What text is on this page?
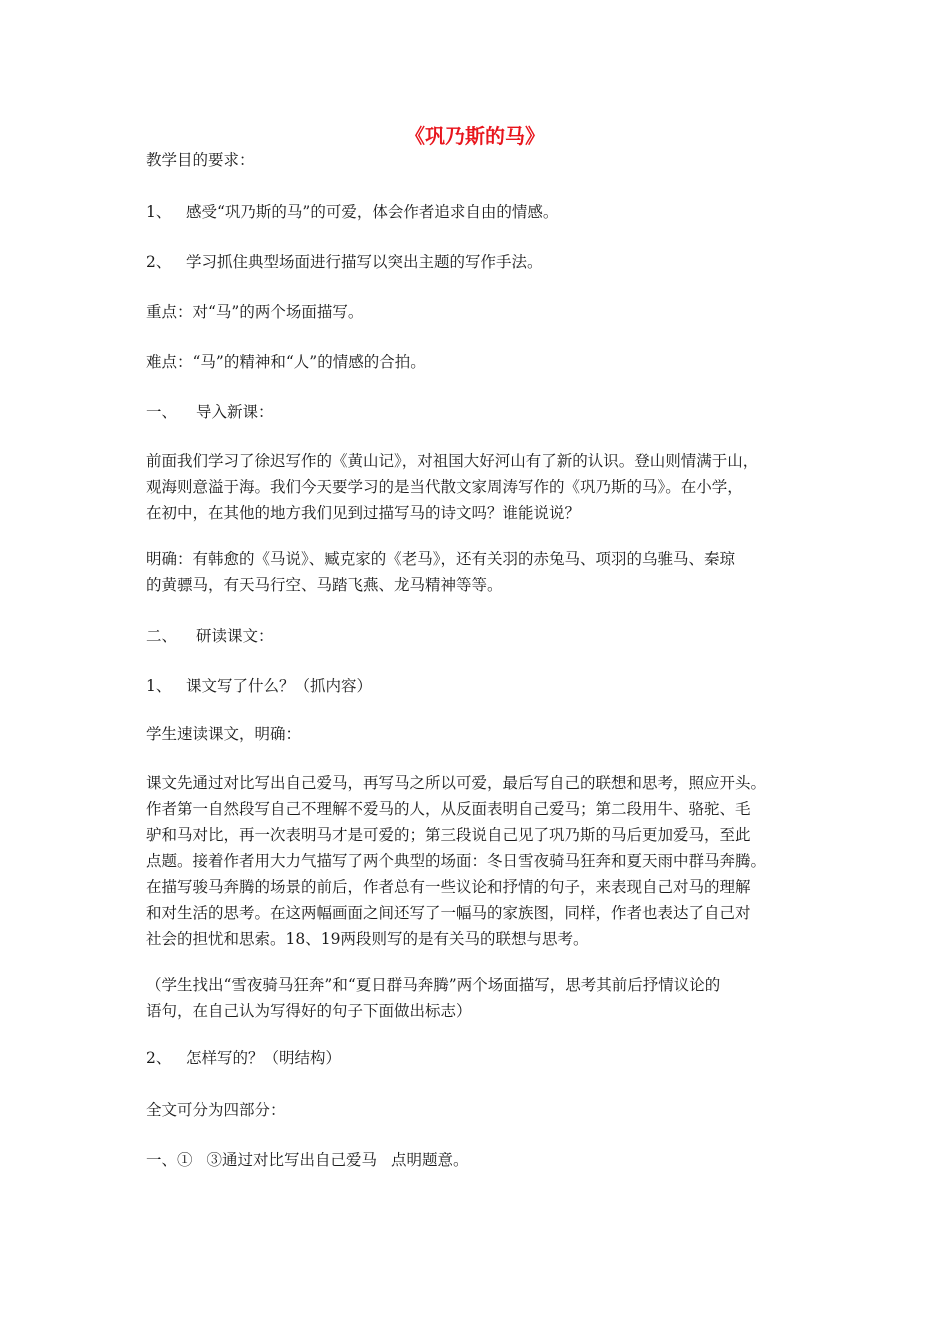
《巩乃斯的马》
教学目的要求：
1、 感受“巩乃斯的马”的可爱，体会作者追求自由的情感。
2、 学习抓住典型场面进行描写以突出主题的写作手法。
重点：对“马”的两个场面描写。
难点：“马”的精神和“人”的情感的合拍。
一、 导入新课：
前面我们学习了徐迟写作的《黄山记》，对祖国大好河山有了新的认识。登山则情满于山，
观海则意溢于海。我们今天要学习的是当代散文家周涛写作的《巩乃斯的马》。在小学，
在初中，在其他的地方我们见到过描写马的诗文吗？谁能说说？
明确：有韩愈的《马说》、臧克家的《老马》，还有关羽的赤兔马、项羽的乌骓马、秦琼
的黄骠马，有天马行空、马踏飞燕、龙马精神等等。
二、 研读课文：
1、 课文写了什么？（抓内容）
学生速读课文，明确：
课文先通过对比写出自己爱马，再写马之所以可爱，最后写自己的联想和思考，照应开头。
作者第一自然段写自己不理解不爱马的人，从反面表明自己爱马；第二段用牛、骆驼、毛
驴和马对比，再一次表明马才是可爱的；第三段说自己见了巩乃斯的马后更加爱马，至此
点题。接着作者用大力气描写了两个典型的场面：冬日雪夜骑马狂奔和夏天雨中群马奔腾。
在描写骏马奔腾的场景的前后，作者总有一些议论和抒情的句子，来表现自己对马的理解
和对生活的思考。在这两幅画面之间还写了一幅马的家族图，同样，作者也表达了自己对
社会的担忧和思索。18、19两段则写的是有关马的联想与思考。
（学生找出“雪夜骑马狂奔”和“夏日群马奔腾”两个场面描写，思考其前后抒情议论的
语句，在自己认为写得好的句子下面做出标志）
2、 怎样写的？（明结构）
全文可分为四部分：
一、① ③通过对比写出自己爱马 点明题意。
